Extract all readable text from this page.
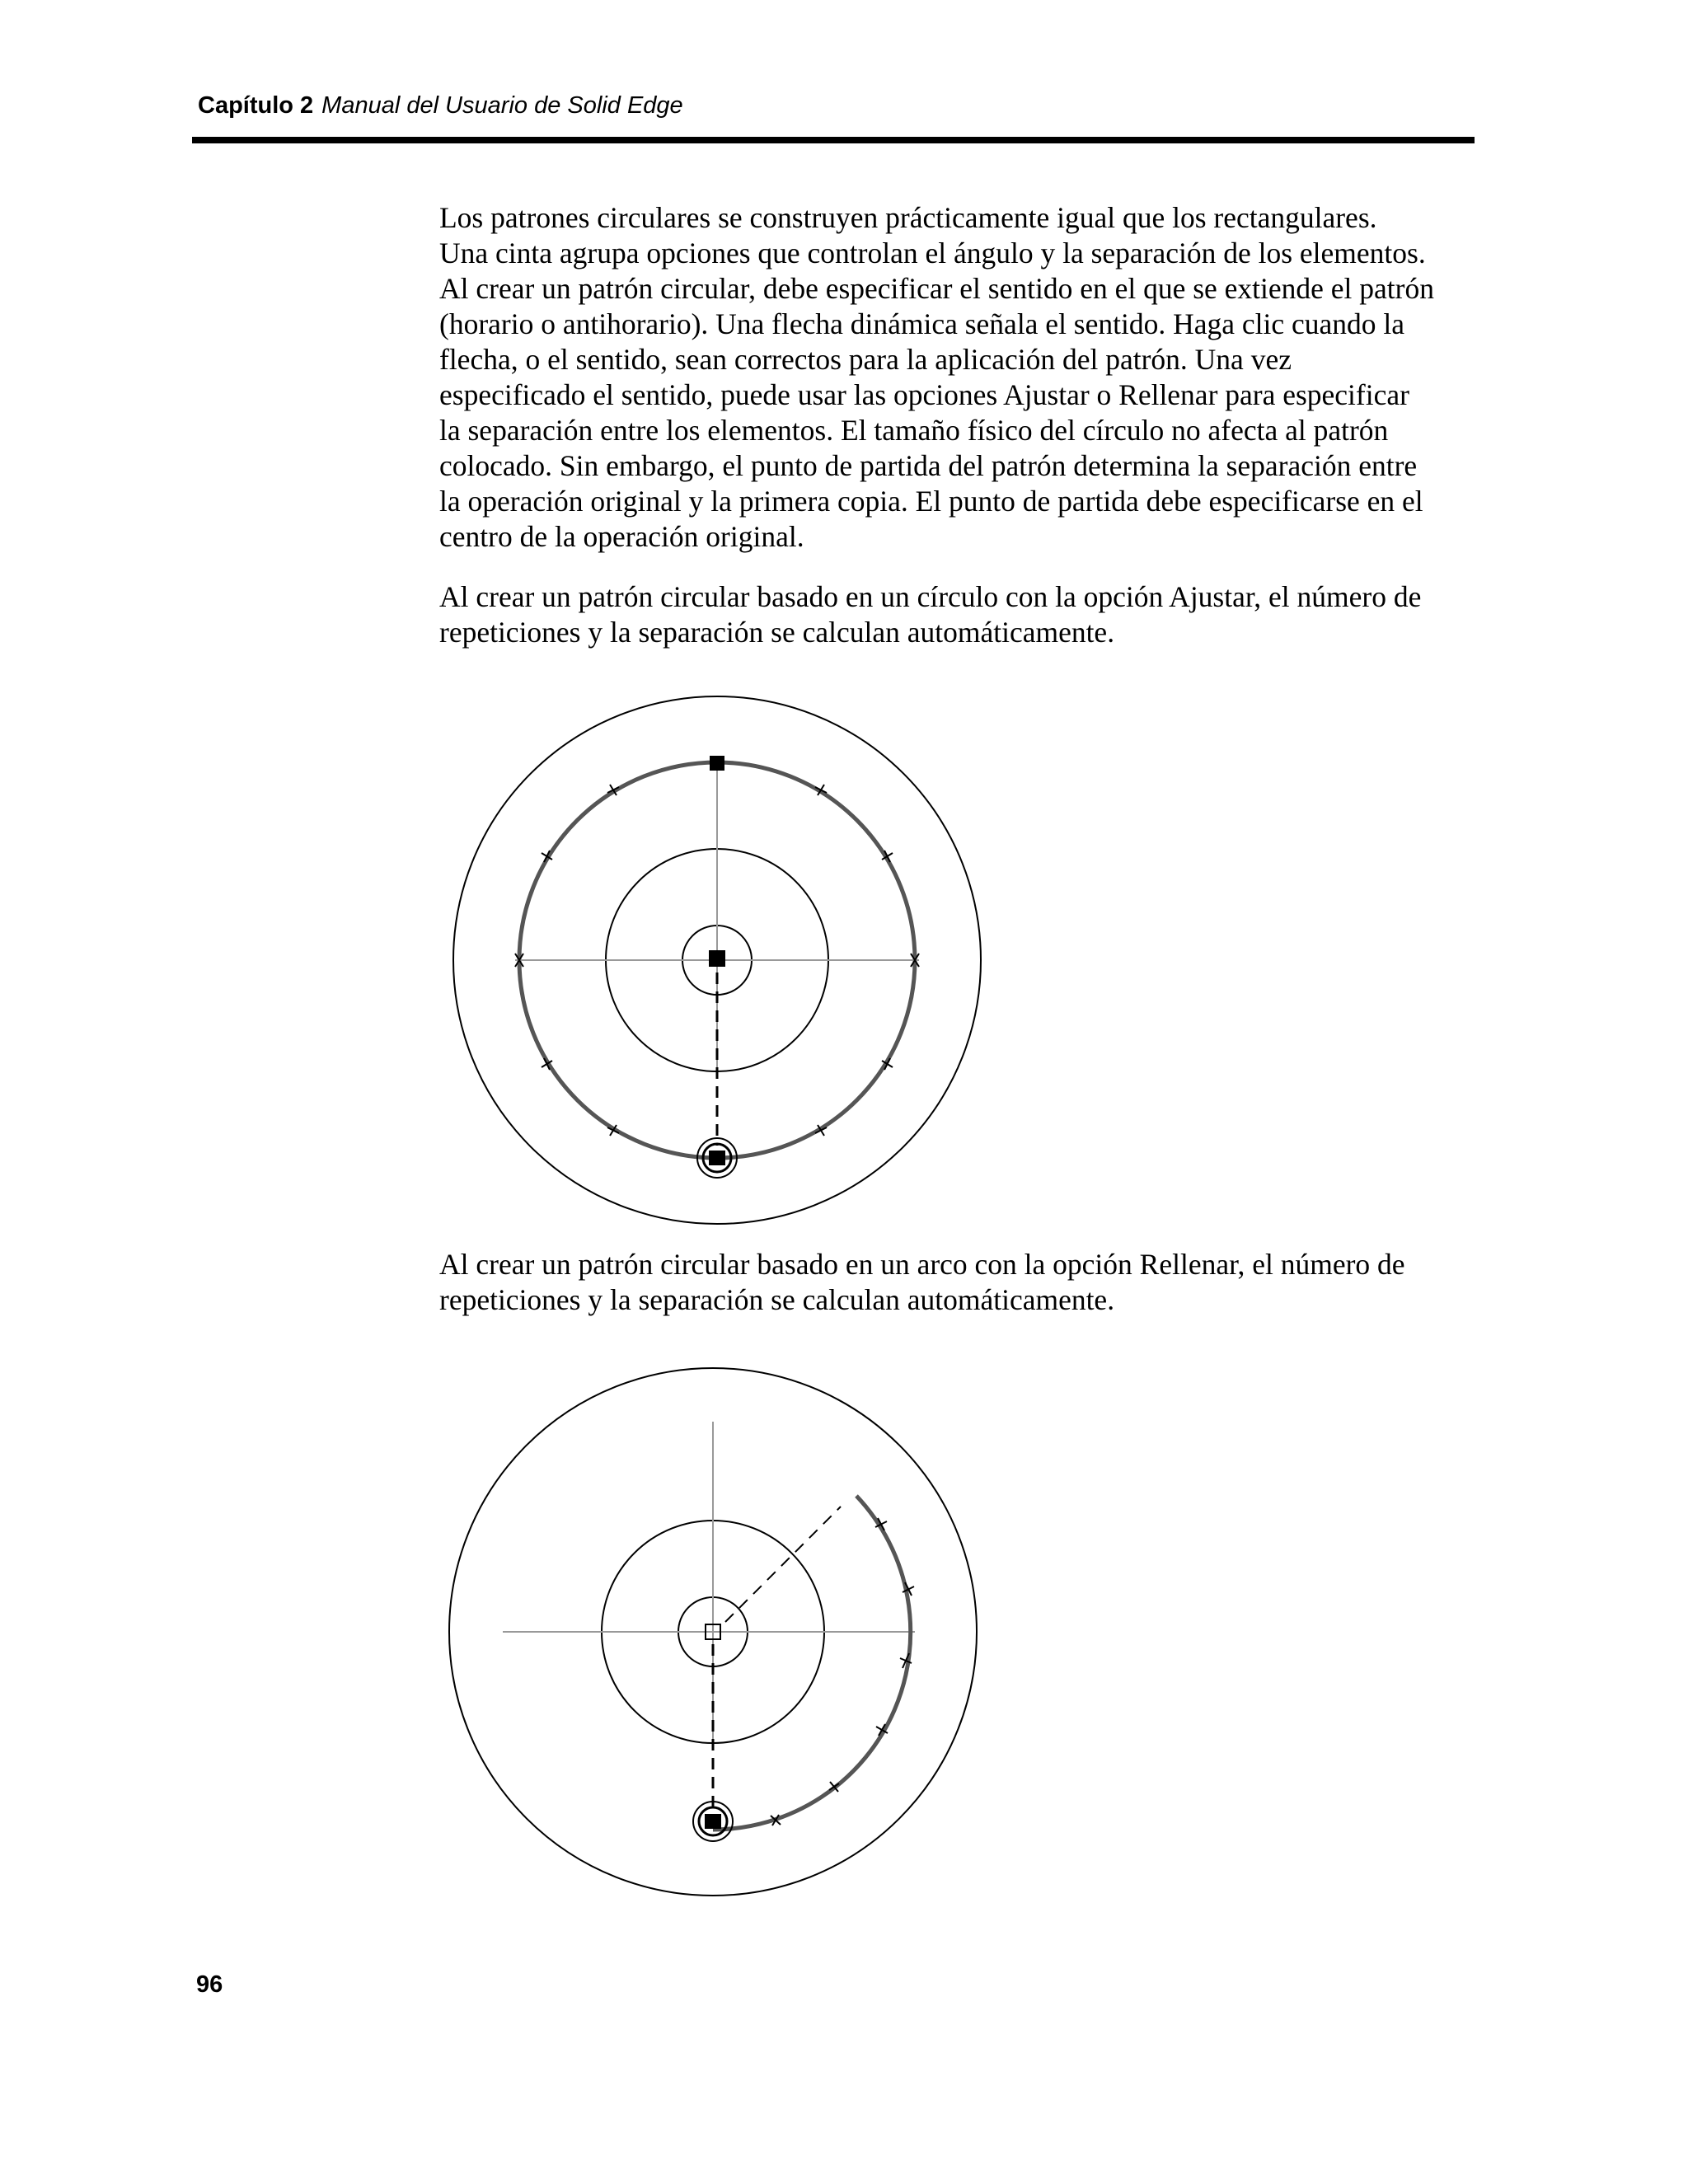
Capítulo 2 Manual del Usuario de Solid Edge
Los patrones circulares se construyen prácticamente igual que los rectangulares.
Una cinta agrupa opciones que controlan el ángulo y la separación de los elementos.
Al crear un patrón circular, debe especificar el sentido en el que se extiende el patrón
(horario o antihorario). Una flecha dinámica señala el sentido. Haga clic cuando la
flecha, o el sentido, sean correctos para la aplicación del patrón. Una vez
especificado el sentido, puede usar las opciones Ajustar o Rellenar para especificar
la separación entre los elementos. El tamaño físico del círculo no afecta al patrón
colocado. Sin embargo, el punto de partida del patrón determina la separación entre
la operación original y la primera copia. El punto de partida debe especificarse en el
centro de la operación original.
Al crear un patrón circular basado en un círculo con la opción Ajustar, el número de
repeticiones y la separación se calculan automáticamente.
Al crear un patrón circular basado en un arco con la opción Rellenar, el número de
repeticiones y la separación se calculan automáticamente.
96
